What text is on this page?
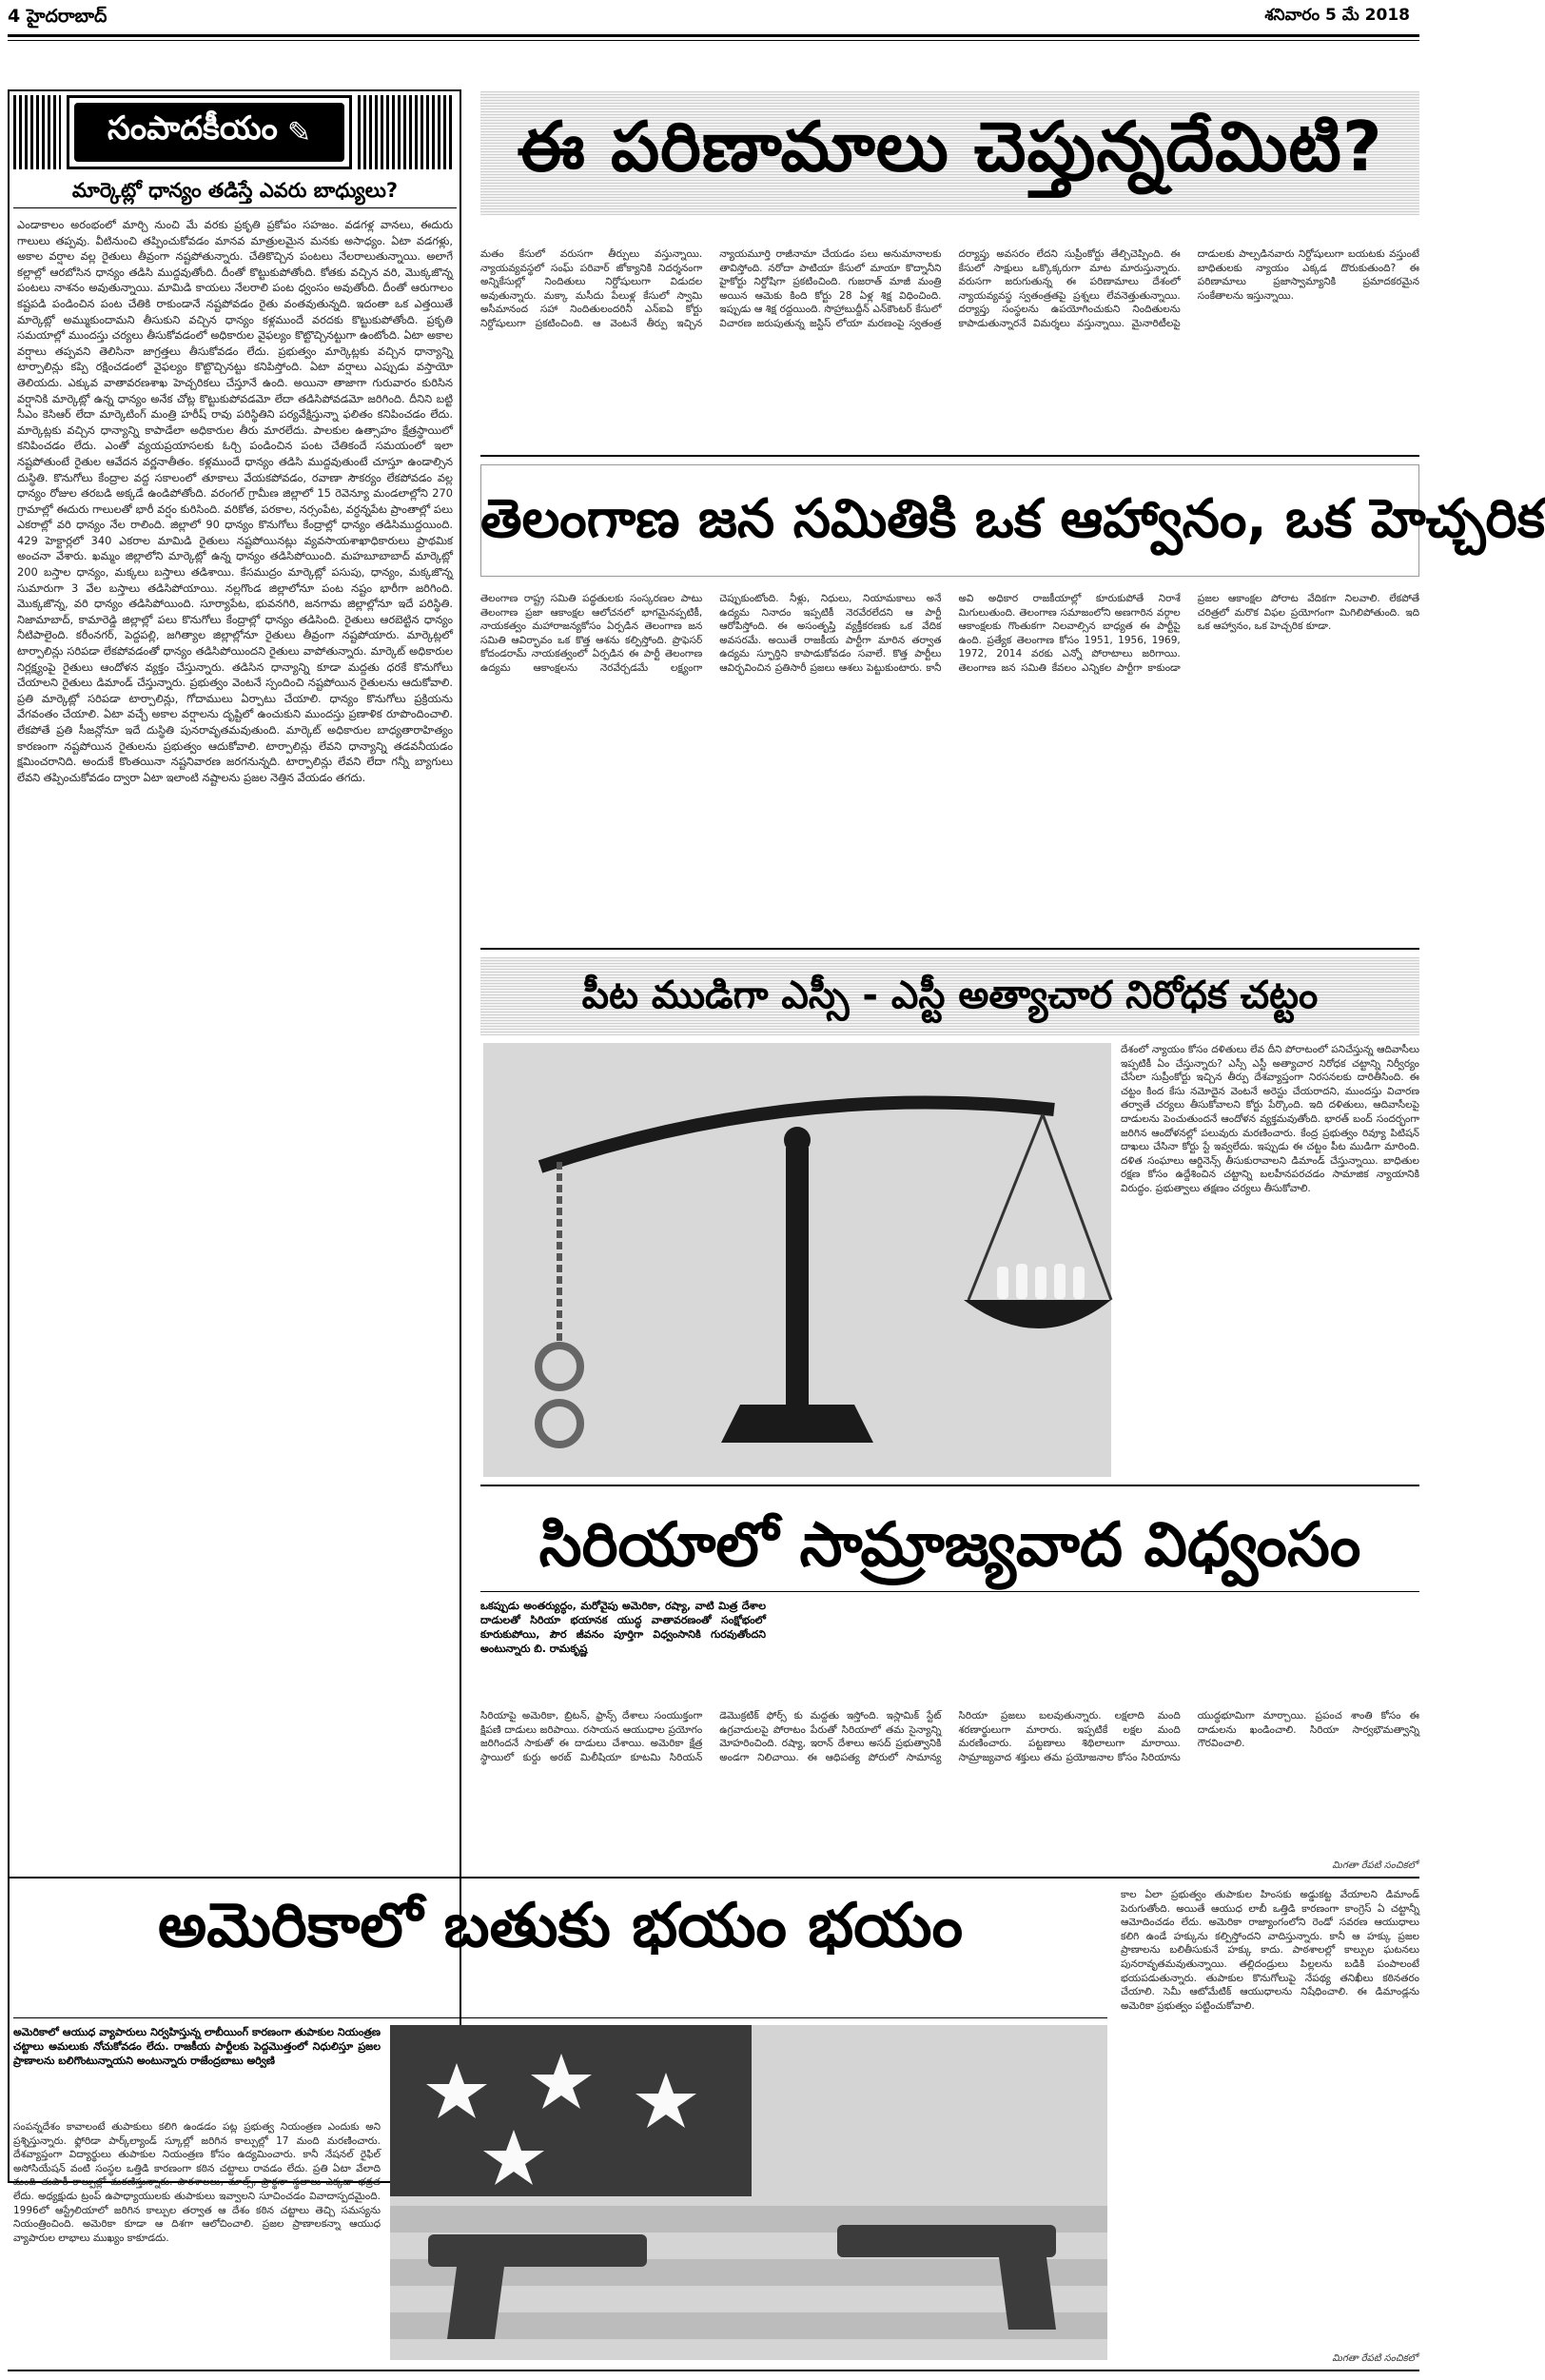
4 హైదరాబాద్	శనివారం 5 మే 2018
సంపాదకీయం ✎
మార్కెట్లో ధాన్యం తడిస్తే ఎవరు బాధ్యులు?
ఎండాకాలం అరంభంలో మార్చి నుంచి మే వరకు ప్రకృతి ప్రకోపం సహజం. వడగళ్ల వానలు, ఈదురు గాలులు తప్పవు. వీటినుంచి తప్పించుకోవడం మానవ మాత్రులమైన మనకు అసాధ్యం. ఏటా వడగళ్లు, అకాల వర్షాల వల్ల రైతులు తీవ్రంగా నష్టపోతున్నారు. చేతికొచ్చిన పంటలు నేలరాలుతున్నాయి. అలాగే కల్లాల్లో ఆరబోసిన ధాన్యం తడిసి ముద్దవుతోంది. దీంతో కొట్టుకుపోతోంది. కోతకు వచ్చిన వరి, మొక్కజొన్న పంటలు నాశనం అవుతున్నాయి. మామిడి కాయలు నేలరాలి పంట ధ్వంసం అవుతోంది. దీంతో ఆరుగాలం కష్టపడి పండించిన పంట చేతికి రాకుండానే నష్టపోవడం రైతు వంతవుతున్నది. ఇదంతా ఒక ఎత్తయితే మార్కెట్లో అమ్ముకుందామని తీసుకుని వచ్చిన ధాన్యం కళ్లముందే వరదకు కొట్టుకుపోతోంది. ప్రకృతి సమయాల్లో ముందస్తు చర్యలు తీసుకోవడంలో అధికారుల వైఫల్యం కొట్టొచ్చినట్టుగా ఉంటోంది. ఏటా అకాల వర్షాలు తప్పవని తెలిసినా జాగ్రత్తలు తీసుకోవడం లేదు. ప్రభుత్వం మార్కెట్లకు వచ్చిన ధాన్యాన్ని టార్పాలిన్లు కప్పి రక్షించడంలో వైఫల్యం కొట్టొచ్చినట్టు కనిపిస్తోంది. ఏటా వర్షాలు ఎప్పుడు వస్తాయో తెలియదు. ఎక్కువ వాతావరణశాఖ హెచ్చరికలు చేస్తూనే ఉంది. అయినా తాజాగా గురువారం కురిసిన వర్షానికి మార్కెట్లో ఉన్న ధాన్యం అనేక చోట్ల కొట్టుకుపోవడమో లేదా తడిసిపోవడమో జరిగింది. దీనిని బట్టి సీఎం కెసిఆర్ లేదా మార్కెటింగ్ మంత్రి హరీష్ రావు పరిస్థితిని పర్యవేక్షిస్తున్నా ఫలితం కనిపించడం లేదు. మార్కెట్లకు వచ్చిన ధాన్యాన్ని కాపాడేలా అధికారుల తీరు మారలేదు. పాలకుల ఉత్సాహం క్షేత్రస్థాయిలో కనిపించడం లేదు. ఎంతో వ్యయప్రయాసలకు ఓర్చి పండించిన పంట చేతికందే సమయంలో ఇలా నష్టపోతుంటే రైతుల ఆవేదన వర్ణనాతీతం. కళ్లముందే ధాన్యం తడిసి ముద్దవుతుంటే చూస్తూ ఉండాల్సిన దుస్థితి. కొనుగోలు కేంద్రాల వద్ద సకాలంలో తూకాలు వేయకపోవడం, రవాణా సౌకర్యం లేకపోవడం వల్ల ధాన్యం రోజుల తరబడి అక్కడే ఉండిపోతోంది. వరంగల్ గ్రామీణ జిల్లాలో 15 రెవెన్యూ మండలాల్లోని 270 గ్రామాల్లో ఈదురు గాలులతో భారీ వర్షం కురిసింది. వరికోత, పరకాల, నర్సంపేట, వర్ధన్నపేట ప్రాంతాల్లో పలు ఎకరాల్లో వరి ధాన్యం నేల రాలింది. జిల్లాలో 90 ధాన్యం కొనుగోలు కేంద్రాల్లో ధాన్యం తడిసిముద్దయింది. 429 హెక్టార్లలో 340 ఎకరాల మామిడి రైతులు నష్టపోయినట్లు వ్యవసాయశాఖాధికారులు ప్రాథమిక అంచనా వేశారు. ఖమ్మం జిల్లాలోని మార్కెట్లో ఉన్న ధాన్యం తడిసిపోయింది. మహబూబాబాద్ మార్కెట్లో 200 బస్తాల ధాన్యం, మక్కలు బస్తాలు తడిశాయి. కేసముద్రం మార్కెట్లో పసుపు, ధాన్యం, మక్కజొన్న సుమారుగా 3 వేల బస్తాలు తడిసిపోయాయి. నల్లగొండ జిల్లాలోనూ పంట నష్టం భారీగా జరిగింది. మొక్కజొన్న, వరి ధాన్యం తడిసిపోయింది. సూర్యాపేట, భువనగిరి, జనగామ జిల్లాల్లోనూ ఇదే పరిస్థితి. నిజామాబాద్, కామారెడ్డి జిల్లాల్లో పలు కొనుగోలు కేంద్రాల్లో ధాన్యం తడిసింది. రైతులు ఆరబెట్టిన ధాన్యం నీటిపాలైంది. కరీంనగర్, పెద్దపల్లి, జగిత్యాల జిల్లాల్లోనూ రైతులు తీవ్రంగా నష్టపోయారు. మార్కెట్లలో టార్పాలిన్లు సరిపడా లేకపోవడంతో ధాన్యం తడిసిపోయిందని రైతులు వాపోతున్నారు. మార్కెట్ అధికారుల నిర్లక్ష్యంపై రైతులు ఆందోళన వ్యక్తం చేస్తున్నారు. తడిసిన ధాన్యాన్ని కూడా మద్దతు ధరకే కొనుగోలు చేయాలని రైతులు డిమాండ్ చేస్తున్నారు. ప్రభుత్వం వెంటనే స్పందించి నష్టపోయిన రైతులను ఆదుకోవాలి. ప్రతి మార్కెట్లో సరిపడా టార్పాలిన్లు, గోదాములు ఏర్పాటు చేయాలి. ధాన్యం కొనుగోలు ప్రక్రియను వేగవంతం చేయాలి. ఏటా వచ్చే అకాల వర్షాలను దృష్టిలో ఉంచుకుని ముందస్తు ప్రణాళిక రూపొందించాలి. లేకపోతే ప్రతి సీజన్లోనూ ఇదే దుస్థితి పునరావృతమవుతుంది. మార్కెట్ అధికారుల బాధ్యతారాహిత్యం కారణంగా నష్టపోయిన రైతులను ప్రభుత్వం ఆదుకోవాలి. టార్పాలిన్లు లేవని ధాన్యాన్ని తడవనీయడం క్షమించరానిది. అందుకే కొంతయినా నష్టనివారణ జరగనున్నది. టార్పాలిన్లు లేవని లేదా గన్నీ బ్యాగులు లేవని తప్పించుకోవడం ద్వారా ఏటా ఇలాంటి నష్టాలను ప్రజల నెత్తిన వేయడం తగదు.
ఈ పరిణామాలు చెప్తున్నదేమిటి?
మతం కేసులో వరుసగా తీర్పులు వస్తున్నాయి. న్యాయవ్యవస్థలో సంఘ్ పరివార్ జోక్యానికి నిదర్శనంగా అన్నికేసుల్లో నిందితులు నిర్దోషులుగా విడుదల అవుతున్నారు. మక్కా మసీదు పేలుళ్ల కేసులో స్వామి అసీమానంద సహా నిందితులందరినీ ఎన్ఐఏ కోర్టు నిర్దోషులుగా ప్రకటించింది. ఆ వెంటనే తీర్పు ఇచ్చిన న్యాయమూర్తి రాజీనామా చేయడం పలు అనుమానాలకు తావిస్తోంది. నరోదా పాటియా కేసులో మాయా కొద్నానీని హైకోర్టు నిర్దోషిగా ప్రకటించింది. గుజరాత్ మాజీ మంత్రి అయిన ఆమెకు కింది కోర్టు 28 ఏళ్ల శిక్ష విధించింది. ఇప్పుడు ఆ శిక్ష రద్దయింది. సొహ్రాబుద్దీన్ ఎన్‌కౌంటర్ కేసులో విచారణ జరుపుతున్న జస్టిస్ లోయా మరణంపై స్వతంత్ర దర్యాప్తు అవసరం లేదని సుప్రీంకోర్టు తేల్చిచెప్పింది. ఈ కేసులో సాక్షులు ఒక్కొక్కరుగా మాట మారుస్తున్నారు. వరుసగా జరుగుతున్న ఈ పరిణామాలు దేశంలో న్యాయవ్యవస్థ స్వతంత్రతపై ప్రశ్నలు లేవనెత్తుతున్నాయి. దర్యాప్తు సంస్థలను ఉపయోగించుకుని నిందితులను కాపాడుతున్నారనే విమర్శలు వస్తున్నాయి. మైనారిటీలపై దాడులకు పాల్పడినవారు నిర్దోషులుగా బయటకు వస్తుంటే బాధితులకు న్యాయం ఎక్కడ దొరుకుతుంది? ఈ పరిణామాలు ప్రజాస్వామ్యానికి ప్రమాదకరమైన సంకేతాలను ఇస్తున్నాయి.
తెలంగాణ జన సమితికి ఒక ఆహ్వానం, ఒక హెచ్చరిక
తెలంగాణ రాష్ట్ర సమితి పద్ధతులకు సంస్కరణల పాటు తెలంగాణ ప్రజా ఆకాంక్షల ఆలోచనలో భాగమైనప్పటికీ, నాయకత్వం మహారాజన్యకోసం ఏర్పడిన తెలంగాణ జన సమితి ఆవిర్భావం ఒక కొత్త ఆశను కల్పిస్తోంది. ప్రొఫెసర్ కోదండరామ్ నాయకత్వంలో ఏర్పడిన ఈ పార్టీ తెలంగాణ ఉద్యమ ఆకాంక్షలను నెరవేర్చడమే లక్ష్యంగా చెప్పుకుంటోంది. నీళ్లు, నిధులు, నియామకాలు అనే ఉద్యమ నినాదం ఇప్పటికీ నెరవేరలేదని ఆ పార్టీ ఆరోపిస్తోంది. ఈ అసంతృప్తి వ్యక్తీకరణకు ఒక వేదిక అవసరమే. అయితే రాజకీయ పార్టీగా మారిన తర్వాత ఉద్యమ స్ఫూర్తిని కాపాడుకోవడం సవాలే. కొత్త పార్టీలు ఆవిర్భవించిన ప్రతిసారీ ప్రజలు ఆశలు పెట్టుకుంటారు. కానీ అవి అధికార రాజకీయాల్లో కూరుకుపోతే నిరాశే మిగులుతుంది. తెలంగాణ సమాజంలోని అణగారిన వర్గాల ఆకాంక్షలకు గొంతుకగా నిలవాల్సిన బాధ్యత ఈ పార్టీపై ఉంది. ప్రత్యేక తెలంగాణ కోసం 1951, 1956, 1969, 1972, 2014 వరకు ఎన్నో పోరాటాలు జరిగాయి. తెలంగాణ జన సమితి కేవలం ఎన్నికల పార్టీగా కాకుండా ప్రజల ఆకాంక్షల పోరాట వేదికగా నిలవాలి. లేకపోతే చరిత్రలో మరొక విఫల ప్రయోగంగా మిగిలిపోతుంది. ఇది ఒక ఆహ్వానం, ఒక హెచ్చరిక కూడా.
పీట ముడిగా ఎస్సీ - ఎస్టీ అత్యాచార నిరోధక చట్టం
దేశంలో న్యాయం కోసం దళితులు లేవ దీని పోరాటంలో పనిచేస్తున్న ఆదివాసీలు ఇప్పటికీ ఏం చేస్తున్నారు? ఎస్సీ ఎస్టీ అత్యాచార నిరోధక చట్టాన్ని నిర్వీర్యం చేసేలా సుప్రీంకోర్టు ఇచ్చిన తీర్పు దేశవ్యాప్తంగా నిరసనలకు దారితీసింది. ఈ చట్టం కింద కేసు నమోదైన వెంటనే అరెస్టు చేయరాదని, ముందస్తు విచారణ తర్వాతే చర్యలు తీసుకోవాలని కోర్టు పేర్కొంది. ఇది దళితులు, ఆదివాసీలపై దాడులను పెంచుతుందనే ఆందోళన వ్యక్తమవుతోంది. భారత్ బంద్ సందర్భంగా జరిగిన ఆందోళనల్లో పలువురు మరణించారు. కేంద్ర ప్రభుత్వం రివ్యూ పిటిషన్ దాఖలు చేసినా కోర్టు స్టే ఇవ్వలేదు. ఇప్పుడు ఈ చట్టం పీట ముడిగా మారింది. దళిత సంఘాలు ఆర్డినెన్స్ తీసుకురావాలని డిమాండ్ చేస్తున్నాయి. బాధితుల రక్షణ కోసం ఉద్దేశించిన చట్టాన్ని బలహీనపరచడం సామాజిక న్యాయానికి విరుద్ధం. ప్రభుత్వాలు తక్షణం చర్యలు తీసుకోవాలి.
సిరియాలో సామ్రాజ్యవాద విధ్వంసం
ఒకప్పుడు అంతర్యుద్ధం, మరోవైపు అమెరికా, రష్యా, వాటి మిత్ర దేశాల దాడులతో సిరియా భయానక యుద్ధ వాతావరణంతో సంక్షోభంలో కూరుకుపోయి, పౌర జీవనం పూర్తిగా విధ్వంసానికి గురవుతోందని అంటున్నారు బి. రామకృష్ణ
సిరియాపై అమెరికా, బ్రిటన్, ఫ్రాన్స్ దేశాలు సంయుక్తంగా క్షిపణి దాడులు జరిపాయి. రసాయన ఆయుధాల ప్రయోగం జరిగిందనే సాకుతో ఈ దాడులు చేశాయి. అమెరికా క్షేత్ర స్థాయిలో కుర్దు అరబ్ మిలీషియా కూటమి సిరియన్ డెమొక్రటిక్ ఫోర్స్ కు మద్దతు ఇస్తోంది. ఇస్లామిక్ స్టేట్ ఉగ్రవాదులపై పోరాటం పేరుతో సిరియాలో తమ సైన్యాన్ని మోహరించింది. రష్యా, ఇరాన్ దేశాలు అసద్ ప్రభుత్వానికి అండగా నిలిచాయి. ఈ ఆధిపత్య పోరులో సామాన్య సిరియా ప్రజలు బలవుతున్నారు. లక్షలాది మంది శరణార్థులుగా మారారు. ఇప్పటికే లక్షల మంది మరణించారు. పట్టణాలు శిథిలాలుగా మారాయి. సామ్రాజ్యవాద శక్తులు తమ ప్రయోజనాల కోసం సిరియాను యుద్ధభూమిగా మార్చాయి. ప్రపంచ శాంతి కోసం ఈ దాడులను ఖండించాలి. సిరియా సార్వభౌమత్వాన్ని గౌరవించాలి.
మిగతా రేపటి సంచికలో
అమెరికాలో బతుకు భయం భయం
అమెరికాలో ఆయుధ వ్యాపారులు నిర్వహిస్తున్న లాబీయింగ్ కారణంగా తుపాకుల నియంత్రణ చట్టాలు అమలుకు నోచుకోవడం లేదు. రాజకీయ పార్టీలకు పెద్దమొత్తంలో నిధులిస్తూ ప్రజల ప్రాణాలను బలిగొంటున్నాయని అంటున్నారు రాజేంద్రబాబు అర్విణి
సంపన్నదేశం కావాలంటే తుపాకులు కలిగి ఉండడం పట్ల ప్రభుత్వ నియంత్రణ ఎందుకు అని ప్రశ్నిస్తున్నారు. ఫ్లోరిడా పార్క్‌ల్యాండ్ స్కూల్లో జరిగిన కాల్పుల్లో 17 మంది మరణించారు. దేశవ్యాప్తంగా విద్యార్థులు తుపాకుల నియంత్రణ కోసం ఉద్యమించారు. కానీ నేషనల్ రైఫిల్ అసోసియేషన్ వంటి సంస్థల ఒత్తిడి కారణంగా కఠిన చట్టాలు రావడం లేదు. ప్రతి ఏటా వేలాది మంది తుపాకీ కాల్పుల్లో మరణిస్తున్నారు. పాఠశాలలు, మాల్స్, ప్రార్థనా స్థలాలు ఎక్కడా భద్రత లేదు. అధ్యక్షుడు ట్రంప్ ఉపాధ్యాయులకు తుపాకులు ఇవ్వాలని సూచించడం వివాదాస్పదమైంది. 1996లో ఆస్ట్రేలియాలో జరిగిన కాల్పుల తర్వాత ఆ దేశం కఠిన చట్టాలు తెచ్చి సమస్యను నియంత్రించింది. అమెరికా కూడా ఆ దిశగా ఆలోచించాలి. ప్రజల ప్రాణాలకన్నా ఆయుధ వ్యాపారుల లాభాలు ముఖ్యం కాకూడదు.
కాల ఏలా ప్రభుత్వం తుపాకుల హింసకు అడ్డుకట్ట వేయాలని డిమాండ్ పెరుగుతోంది. అయితే ఆయుధ లాబీ ఒత్తిడి కారణంగా కాంగ్రెస్ ఏ చట్టాన్నీ ఆమోదించడం లేదు. అమెరికా రాజ్యాంగంలోని రెండో సవరణ ఆయుధాలు కలిగి ఉండే హక్కును కల్పిస్తోందని వాదిస్తున్నారు. కానీ ఆ హక్కు ప్రజల ప్రాణాలను బలితీసుకునే హక్కు కాదు. పాఠశాలల్లో కాల్పుల ఘటనలు పునరావృతమవుతున్నాయి. తల్లిదండ్రులు పిల్లలను బడికి పంపాలంటే భయపడుతున్నారు. తుపాకుల కొనుగోలుపై నేపథ్య తనిఖీలు కఠినతరం చేయాలి. సెమీ ఆటోమేటిక్ ఆయుధాలను నిషేధించాలి. ఈ డిమాండ్లను అమెరికా ప్రభుత్వం పట్టించుకోవాలి.
మిగతా రేపటి సంచికలో
